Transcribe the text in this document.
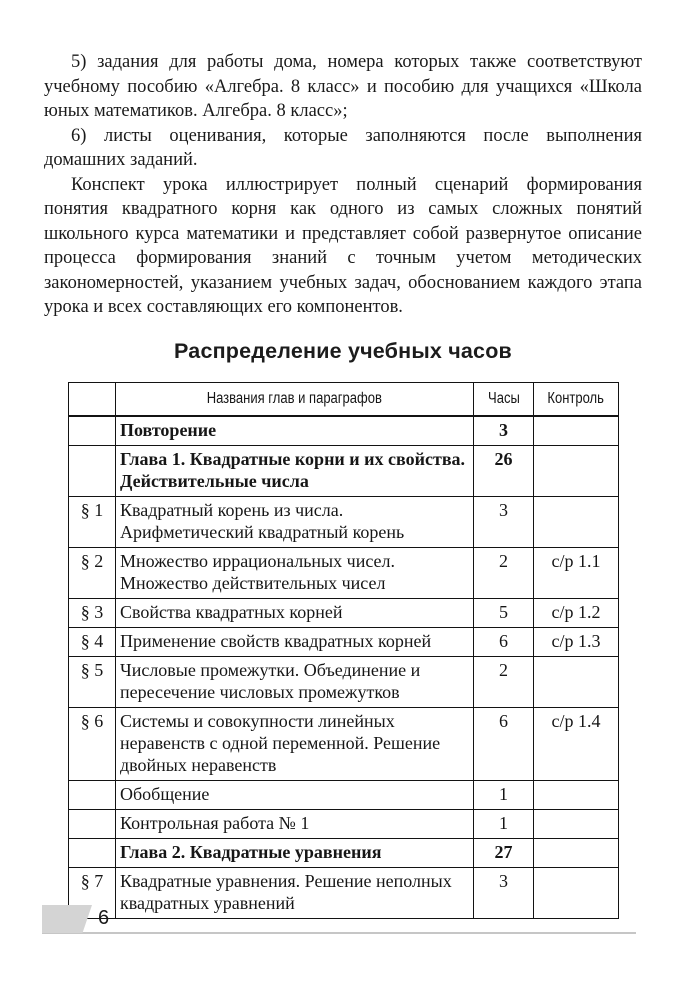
5) задания для работы дома, номера которых также соответствуют учебному пособию «Алгебра. 8 класс» и пособию для учащихся «Школа юных математиков. Алгебра. 8 класс»;

6) листы оценивания, которые заполняются после выполнения домашних заданий.

Конспект урока иллюстрирует полный сценарий формирования понятия квадратного корня как одного из самых сложных понятий школьного курса математики и представляет собой развернутое описание процесса формирования знаний с точным учетом методических закономерностей, указанием учебных задач, обоснованием каждого этапа урока и всех составляющих его компонентов.

Распределение учебных часов
	Названия глав и параграфов	Часы	Контроль
	Повторение	3	
	Глава 1. Квадратные корни и их свойства. Действительные числа	26	
§ 1	Квадратный корень из числа. Арифметический квадратный корень	3	
§ 2	Множество иррациональных чисел. Множество действительных чисел	2	с/р 1.1
§ 3	Свойства квадратных корней	5	с/р 1.2
§ 4	Применение свойств квадратных корней	6	с/р 1.3
§ 5	Числовые промежутки. Объединение и пересечение числовых промежутков	2	
§ 6	Системы и совокупности линейных неравенств с одной переменной. Решение двойных неравенств	6	с/р 1.4
	Обобщение	1	
	Контрольная работа № 1	1	
	Глава 2. Квадратные уравнения	27	
§ 7	Квадратные уравнения. Решение неполных квадратных уравнений	3	
6
